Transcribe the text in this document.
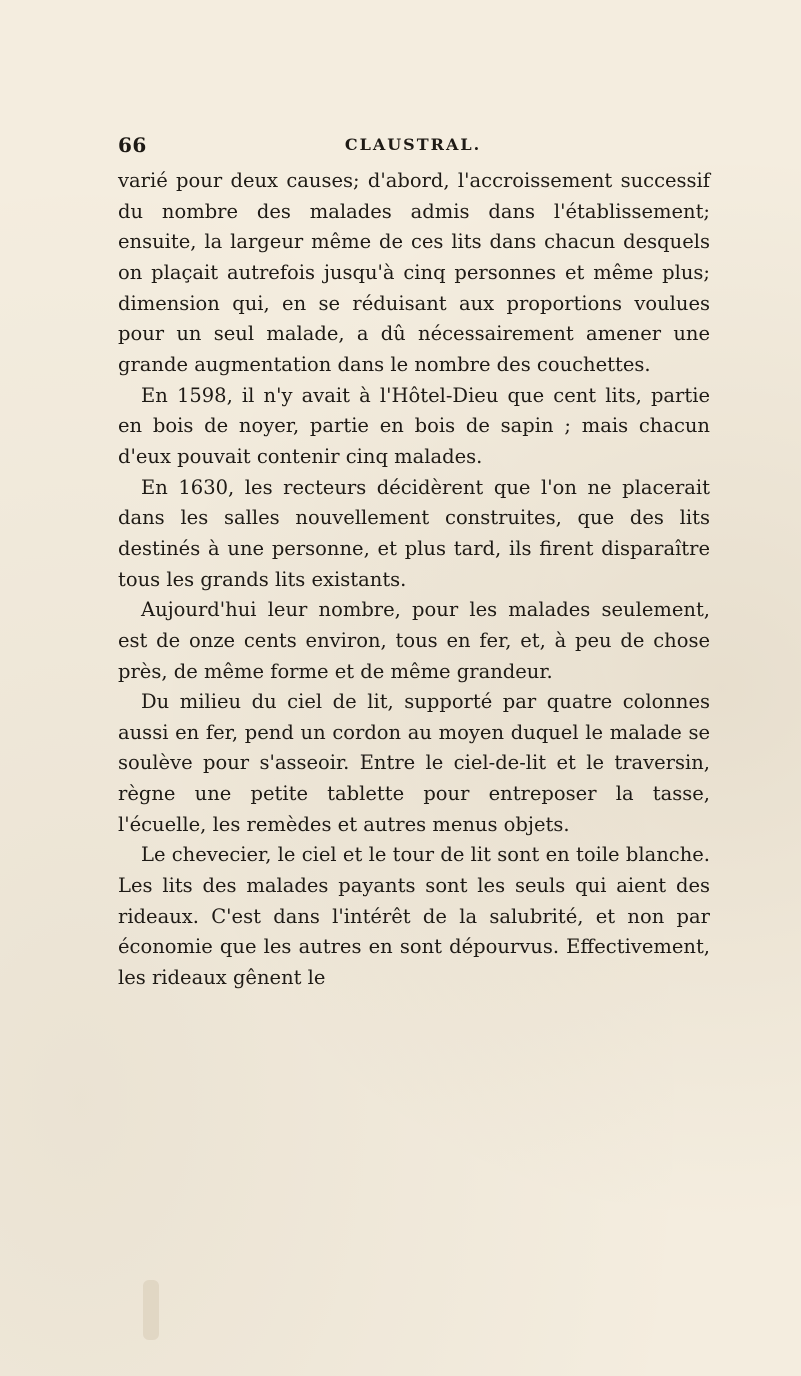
66	CLAUSTRAL.

varié pour deux causes; d'abord, l'accroissement successif du nombre des malades admis dans l'établissement; ensuite, la largeur même de ces lits dans chacun desquels on plaçait autrefois jusqu'à cinq personnes et même plus; dimension qui, en se réduisant aux proportions voulues pour un seul malade, a dû nécessairement amener une grande augmentation dans le nombre des couchettes.

En 1598, il n'y avait à l'Hôtel-Dieu que cent lits, partie en bois de noyer, partie en bois de sapin ; mais chacun d'eux pouvait contenir cinq malades.

En 1630, les recteurs décidèrent que l'on ne placerait dans les salles nouvellement construites, que des lits destinés à une personne, et plus tard, ils firent disparaître tous les grands lits existants.

Aujourd'hui leur nombre, pour les malades seulement, est de onze cents environ, tous en fer, et, à peu de chose près, de même forme et de même grandeur.

Du milieu du ciel de lit, supporté par quatre colonnes aussi en fer, pend un cordon au moyen duquel le malade se soulève pour s'asseoir. Entre le ciel-de-lit et le traversin, règne une petite tablette pour entreposer la tasse, l'écuelle, les remèdes et autres menus objets.

Le chevecier, le ciel et le tour de lit sont en toile blanche. Les lits des malades payants sont les seuls qui aient des rideaux. C'est dans l'intérêt de la salubrité, et non par économie que les autres en sont dépourvus. Effectivement, les rideaux gênent le
